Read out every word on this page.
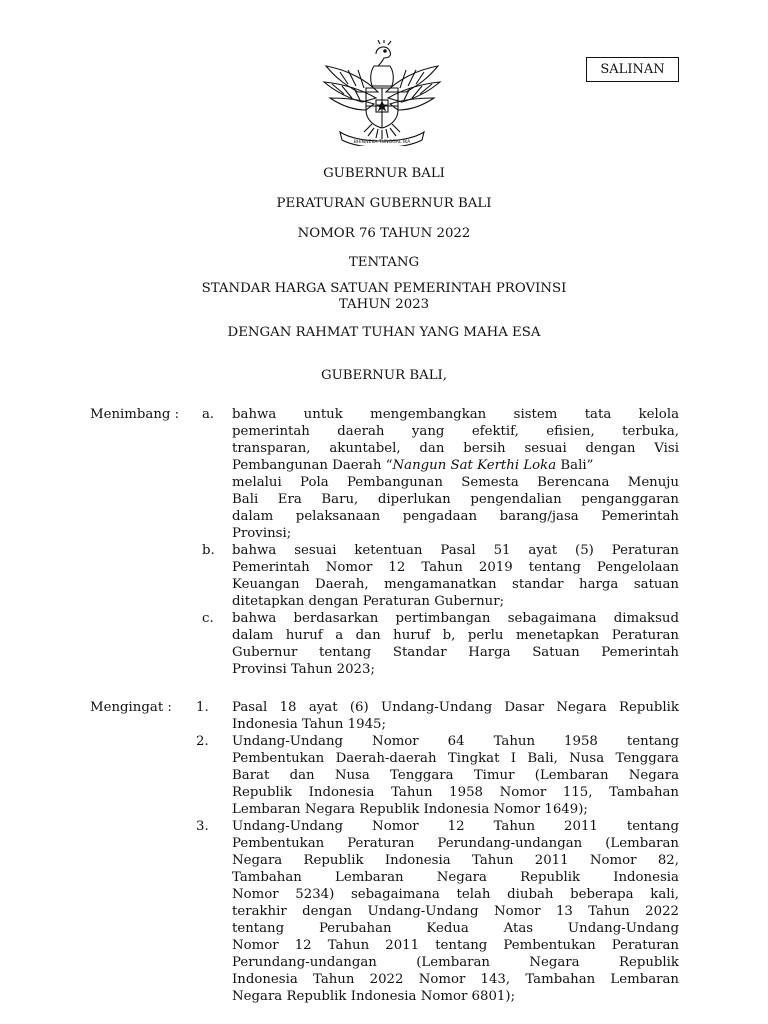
BHINNEKA TUNGGAL IKA
SALINAN
GUBERNUR BALI
PERATURAN GUBERNUR BALI
NOMOR 76 TAHUN 2022
TENTANG
STANDAR HARGA SATUAN PEMERINTAH PROVINSI
TAHUN 2023
DENGAN RAHMAT TUHAN YANG MAHA ESA
GUBERNUR BALI,
Menimbang : a.	bahwa untuk mengembangkan sistem tata kelola
pemerintah daerah yang efektif, efisien, terbuka,
transparan, akuntabel, dan bersih sesuai dengan Visi
Pembangunan Daerah “Nangun Sat Kerthi Loka Bali”
melalui Pola Pembangunan Semesta Berencana Menuju
Bali Era Baru, diperlukan pengendalian penganggaran
dalam pelaksanaan pengadaan barang/jasa Pemerintah
Provinsi;
b.	bahwa sesuai ketentuan Pasal 51 ayat (5) Peraturan
Pemerintah Nomor 12 Tahun 2019 tentang Pengelolaan
Keuangan Daerah, mengamanatkan standar harga satuan
ditetapkan dengan Peraturan Gubernur;
c.	bahwa berdasarkan pertimbangan sebagaimana dimaksud
dalam huruf a dan huruf b, perlu menetapkan Peraturan
Gubernur tentang Standar Harga Satuan Pemerintah
Provinsi Tahun 2023;
Mengingat : 1.	Pasal 18 ayat (6) Undang-Undang Dasar Negara Republik
Indonesia Tahun 1945;
2.	Undang-Undang Nomor 64 Tahun 1958 tentang
Pembentukan Daerah-daerah Tingkat I Bali, Nusa Tenggara
Barat dan Nusa Tenggara Timur (Lembaran Negara
Republik Indonesia Tahun 1958 Nomor 115, Tambahan
Lembaran Negara Republik Indonesia Nomor 1649);
3.	Undang-Undang Nomor 12 Tahun 2011 tentang
Pembentukan Peraturan Perundang-undangan (Lembaran
Negara Republik Indonesia Tahun 2011 Nomor 82,
Tambahan Lembaran Negara Republik Indonesia
Nomor 5234) sebagaimana telah diubah beberapa kali,
terakhir dengan Undang-Undang Nomor 13 Tahun 2022
tentang Perubahan Kedua Atas Undang-Undang
Nomor 12 Tahun 2011 tentang Pembentukan Peraturan
Perundang-undangan (Lembaran Negara Republik
Indonesia Tahun 2022 Nomor 143, Tambahan Lembaran
Negara Republik Indonesia Nomor 6801);
